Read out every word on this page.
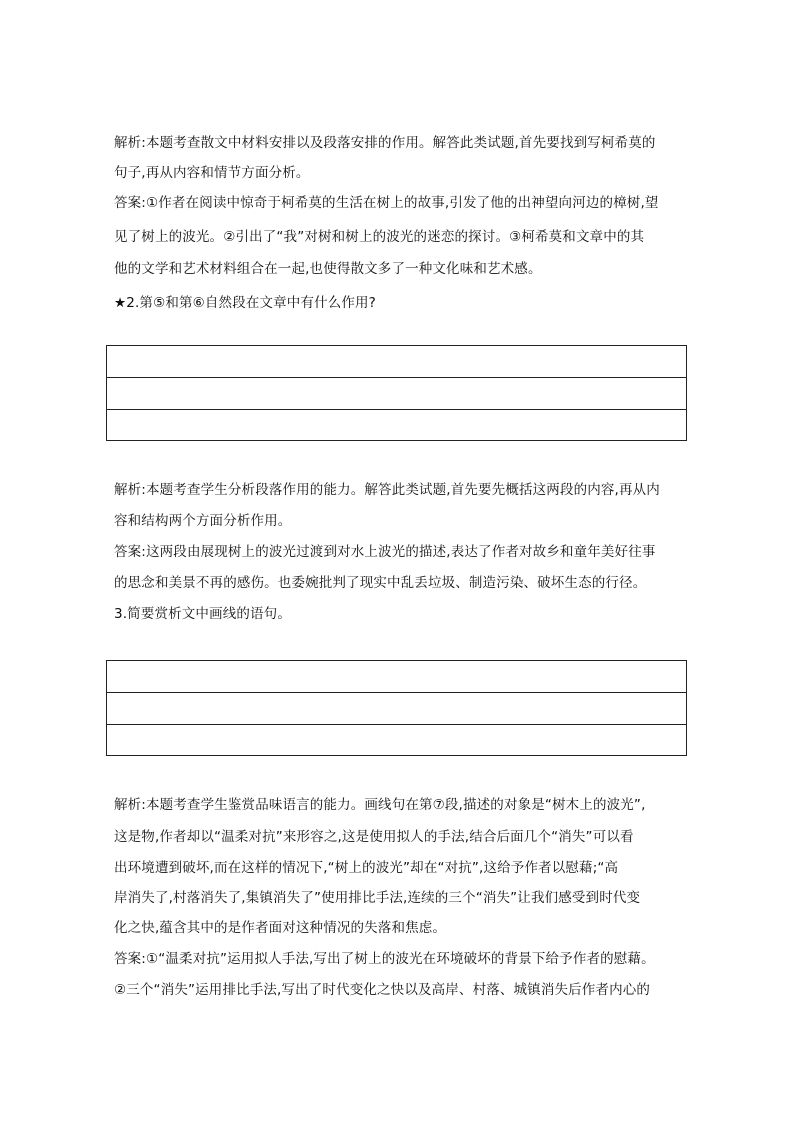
解析:本题考查散文中材料安排以及段落安排的作用。解答此类试题,首先要找到写柯希莫的
句子,再从内容和情节方面分析。
答案:①作者在阅读中惊奇于柯希莫的生活在树上的故事,引发了他的出神望向河边的樟树,望
见了树上的波光。②引出了“我”对树和树上的波光的迷恋的探讨。③柯希莫和文章中的其
他的文学和艺术材料组合在一起,也使得散文多了一种文化味和艺术感。
★2.第⑤和第⑥自然段在文章中有什么作用?
解析:本题考查学生分析段落作用的能力。解答此类试题,首先要先概括这两段的内容,再从内
容和结构两个方面分析作用。
答案:这两段由展现树上的波光过渡到对水上波光的描述,表达了作者对故乡和童年美好往事
的思念和美景不再的感伤。也委婉批判了现实中乱丢垃圾、制造污染、破坏生态的行径。
3.简要赏析文中画线的语句。
解析:本题考查学生鉴赏品味语言的能力。画线句在第⑦段,描述的对象是“树木上的波光”,
这是物,作者却以“温柔对抗”来形容之,这是使用拟人的手法,结合后面几个“消失”可以看
出环境遭到破坏,而在这样的情况下,“树上的波光”却在“对抗”,这给予作者以慰藉;“高
岸消失了,村落消失了,集镇消失了”使用排比手法,连续的三个“消失”让我们感受到时代变
化之快,蕴含其中的是作者面对这种情况的失落和焦虑。
答案:①“温柔对抗”运用拟人手法,写出了树上的波光在环境破坏的背景下给予作者的慰藉。
②三个“消失”运用排比手法,写出了时代变化之快以及高岸、村落、城镇消失后作者内心的
